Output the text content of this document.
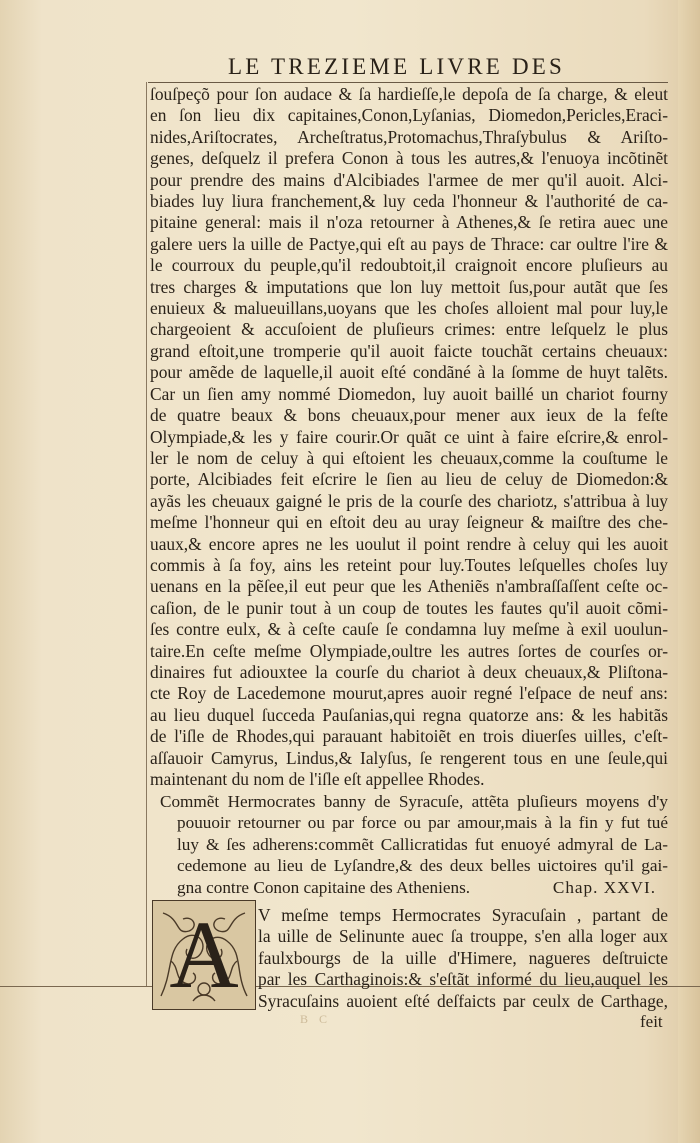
LE TREZIEME LIVRE DES
ſouſpeçõ pour ſon audace & ſa hardieſſe,le depoſa de ſa charge, & eleut
en ſon lieu dix capitaines,Conon,Lyſanias, Diomedon,Pericles,Eraci-
nides,Ariſtocrates, Archeſtratus,Protomachus,Thraſybulus & Ariſto-
genes, deſquelz il prefera Conon à tous les autres,& l'enuoya incõtinẽt
pour prendre des mains d'Alcibiades l'armee de mer qu'il auoit. Alci-
biades luy liura franchement,& luy ceda l'honneur & l'authorité de ca-
pitaine general: mais il n'oza retourner à Athenes,& ſe retira auec une
galere uers la uille de Pactye,qui eſt au pays de Thrace: car oultre l'ire &
le courroux du peuple,qu'il redoubtoit,il craignoit encore pluſieurs au
tres charges & imputations que lon luy mettoit ſus,pour autãt que ſes
enuieux & malueuillans,uoyans que les choſes alloient mal pour luy,le
chargeoient & accuſoient de pluſieurs crimes: entre leſquelz le plus
grand eſtoit,une tromperie qu'il auoit faicte touchãt certains cheuaux:
pour amẽde de laquelle,il auoit eſté condãné à la ſomme de huyt talẽts.
Car un ſien amy nommé Diomedon, luy auoit baillé un chariot fourny
de quatre beaux & bons cheuaux,pour mener aux ieux de la feſte
Olympiade,& les y faire courir.Or quãt ce uint à faire eſcrire,& enrol-
ler le nom de celuy à qui eſtoient les cheuaux,comme la couſtume le
porte, Alcibiades feit eſcrire le ſien au lieu de celuy de Diomedon:&
ayãs les cheuaux gaigné le pris de la courſe des chariotz, s'attribua à luy
meſme l'honneur qui en eſtoit deu au uray ſeigneur & maiſtre des che-
uaux,& encore apres ne les uoulut il point rendre à celuy qui les auoit
commis à ſa foy, ains les reteint pour luy.Toutes leſquelles choſes luy
uenans en la pẽſee,il eut peur que les Atheniẽs n'ambraſſaſſent ceſte oc-
caſion, de le punir tout à un coup de toutes les fautes qu'il auoit cõmi-
ſes contre eulx, & à ceſte cauſe ſe condamna luy meſme à exil uoulun-
taire.En ceſte meſme Olympiade,oultre les autres ſortes de courſes or-
dinaires fut adiouxtee la courſe du chariot à deux cheuaux,& Pliſtona-
cte Roy de Lacedemone mourut,apres auoir regné l'eſpace de neuf ans:
au lieu duquel ſucceda Pauſanias,qui regna quatorze ans: & les habitãs
de l'iſle de Rhodes,qui parauant habitoiẽt en trois diuerſes uilles, c'eſt-
aſſauoir Camyrus, Lindus,& Ialyſus, ſe rengerent tous en une ſeule,qui
maintenant du nom de l'iſle eſt appellee Rhodes.
Commẽt Hermocrates banny de Syracuſe, attẽta pluſieurs moyens d'y
pouuoir retourner ou par force ou par amour,mais à la fin y fut tué
luy & ſes adherens:commẽt Callicratidas fut enuoyé admyral de La-
cedemone au lieu de Lyſandre,& des deux belles uictoires qu'il gai-
gna contre Conon capitaine des Atheniens.	Chap. XXVI.
A	V meſme temps Hermocrates Syracuſain , partant de
la uille de Selinunte auec ſa trouppe, s'en alla loger aux
faulxbourgs de la uille d'Himere, nagueres deſtruicte
par les Carthaginois:& s'eſtãt informé du lieu,auquel les
Syracuſains auoient eſté deſfaicts par ceulx de Carthage,
B C	feit
